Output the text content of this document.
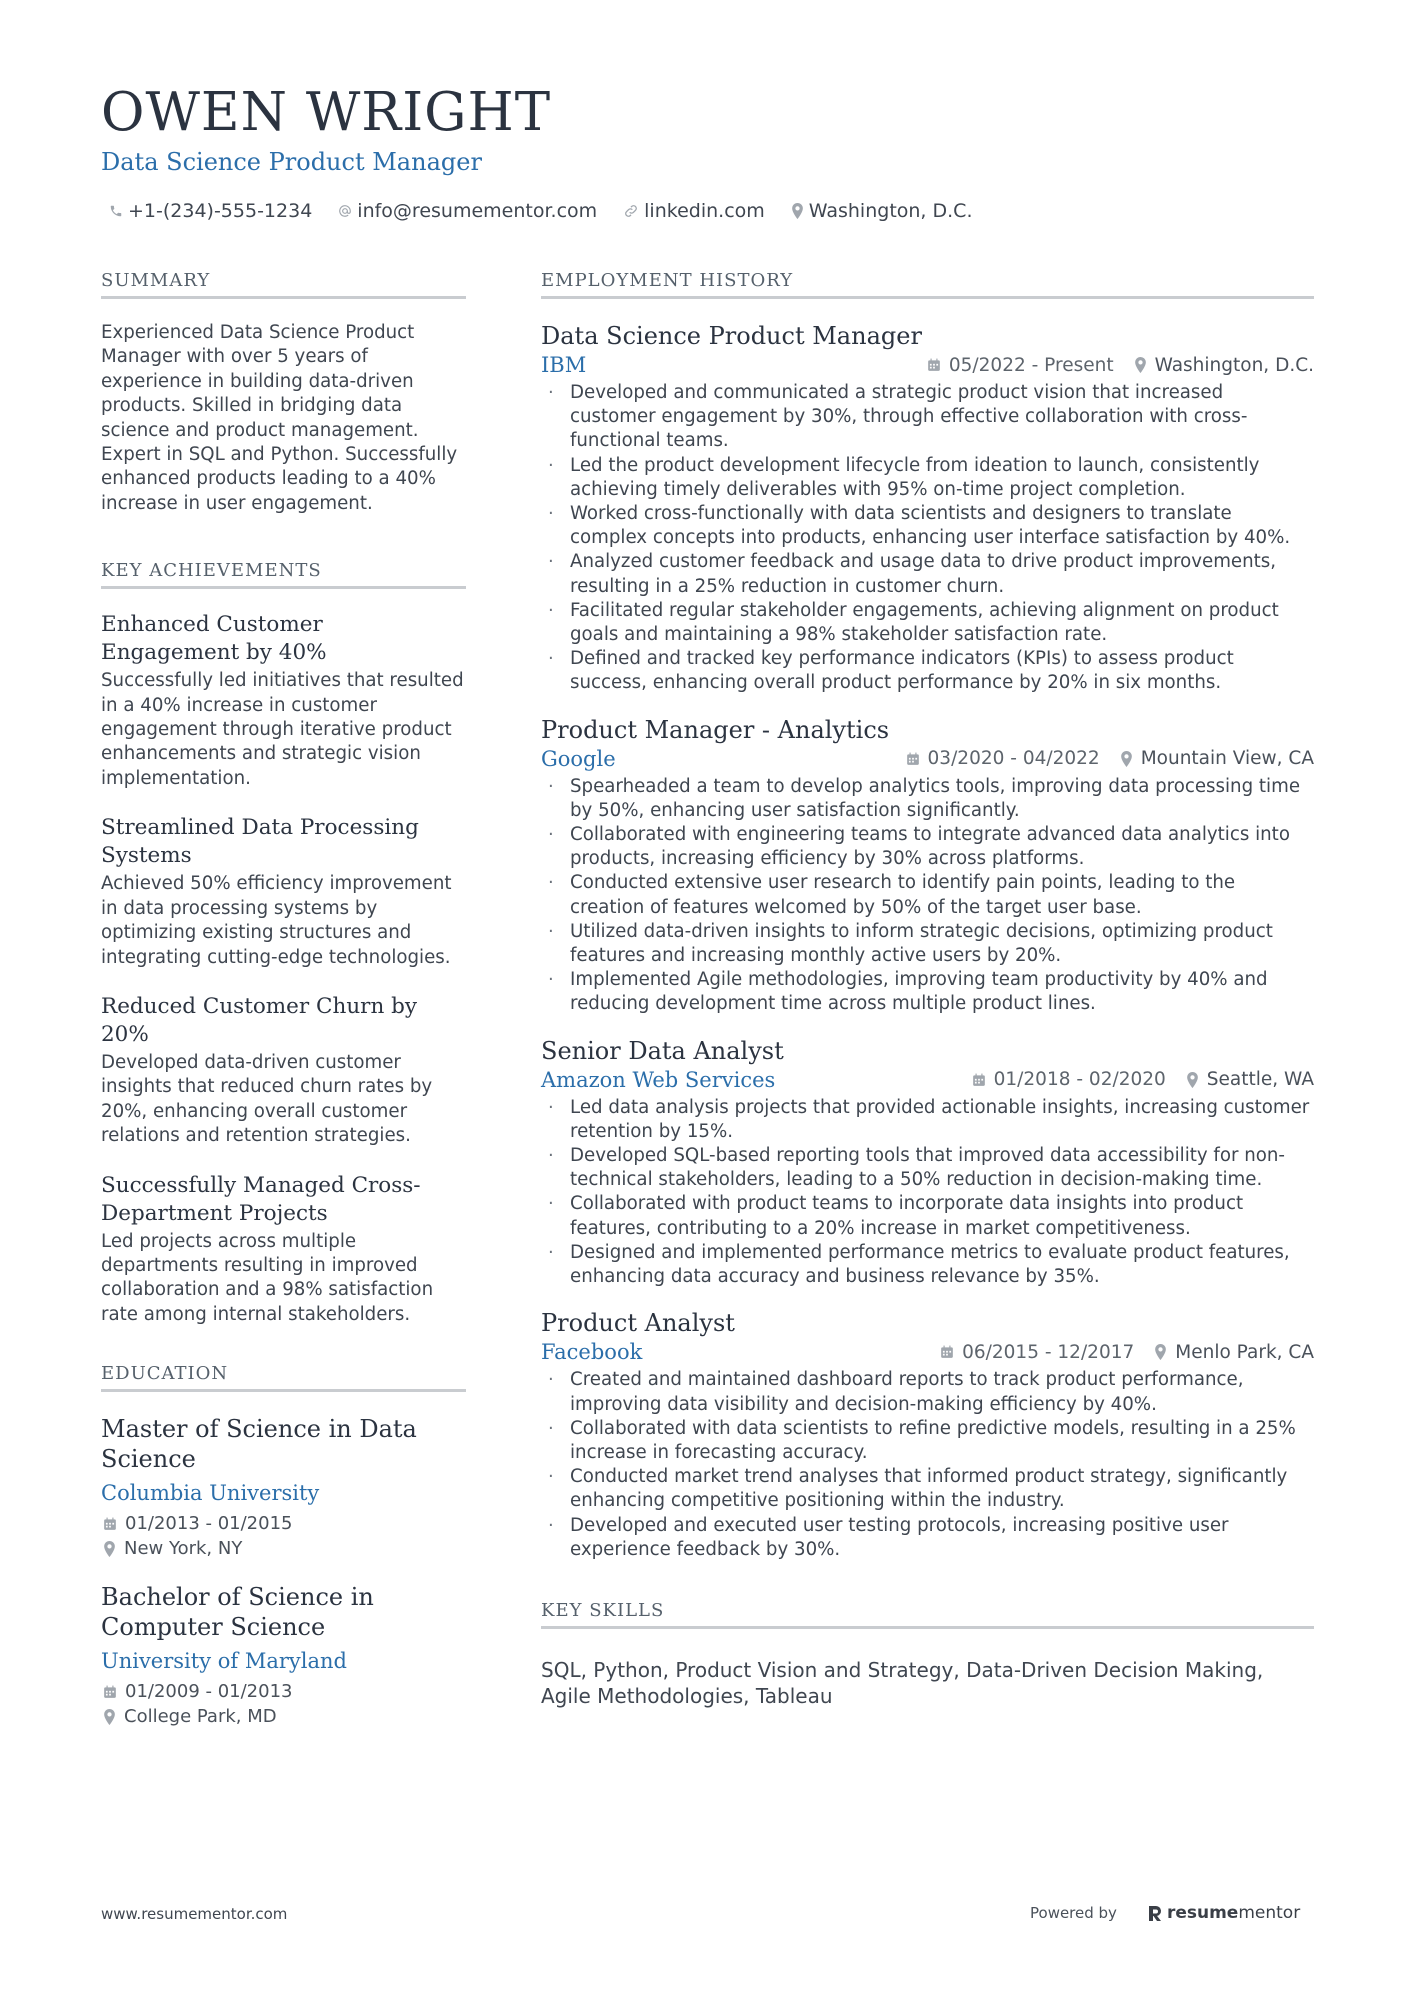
OWEN WRIGHT
Data Science Product Manager
+1-(234)-555-1234 info@resumementor.com linkedin.com Washington, D.C.
SUMMARY

Experienced Data Science Product Manager with over 5 years of experience in building data-driven products. Skilled in bridging data science and product management. Expert in SQL and Python. Successfully enhanced products leading to a 40% increase in user engagement.

KEY ACHIEVEMENTS
Enhanced Customer Engagement by 40%

Successfully led initiatives that resulted in a 40% increase in customer engagement through iterative product enhancements and strategic vision implementation.

Streamlined Data Processing Systems

Achieved 50% efficiency improvement in data processing systems by optimizing existing structures and integrating cutting-edge technologies.

Reduced Customer Churn by 20%

Developed data-driven customer insights that reduced churn rates by 20%, enhancing overall customer relations and retention strategies.

Successfully Managed Cross-Department Projects

Led projects across multiple departments resulting in improved collaboration and a 98% satisfaction rate among internal stakeholders.

EDUCATION
Master of Science in Data Science
Columbia University
01/2013 - 01/2015
New York, NY
Bachelor of Science in Computer Science
University of Maryland
01/2009 - 01/2013
College Park, MD
EMPLOYMENT HISTORY
Data Science Product Manager
IBM	05/2022 - Present Washington, D.C.
· Developed and communicated a strategic product vision that increased customer engagement by 30%, through effective collaboration with cross-functional teams.
· Led the product development lifecycle from ideation to launch, consistently achieving timely deliverables with 95% on-time project completion.
· Worked cross-functionally with data scientists and designers to translate complex concepts into products, enhancing user interface satisfaction by 40%.
· Analyzed customer feedback and usage data to drive product improvements, resulting in a 25% reduction in customer churn.
· Facilitated regular stakeholder engagements, achieving alignment on product goals and maintaining a 98% stakeholder satisfaction rate.
· Defined and tracked key performance indicators (KPIs) to assess product success, enhancing overall product performance by 20% in six months.
Product Manager - Analytics
Google	03/2020 - 04/2022 Mountain View, CA
· Spearheaded a team to develop analytics tools, improving data processing time by 50%, enhancing user satisfaction significantly.
· Collaborated with engineering teams to integrate advanced data analytics into products, increasing efficiency by 30% across platforms.
· Conducted extensive user research to identify pain points, leading to the creation of features welcomed by 50% of the target user base.
· Utilized data-driven insights to inform strategic decisions, optimizing product features and increasing monthly active users by 20%.
· Implemented Agile methodologies, improving team productivity by 40% and reducing development time across multiple product lines.
Senior Data Analyst
Amazon Web Services	01/2018 - 02/2020 Seattle, WA
· Led data analysis projects that provided actionable insights, increasing customer retention by 15%.
· Developed SQL-based reporting tools that improved data accessibility for non-technical stakeholders, leading to a 50% reduction in decision-making time.
· Collaborated with product teams to incorporate data insights into product features, contributing to a 20% increase in market competitiveness.
· Designed and implemented performance metrics to evaluate product features, enhancing data accuracy and business relevance by 35%.
Product Analyst
Facebook	06/2015 - 12/2017 Menlo Park, CA
· Created and maintained dashboard reports to track product performance, improving data visibility and decision-making efficiency by 40%.
· Collaborated with data scientists to refine predictive models, resulting in a 25% increase in forecasting accuracy.
· Conducted market trend analyses that informed product strategy, significantly enhancing competitive positioning within the industry.
· Developed and executed user testing protocols, increasing positive user experience feedback by 30%.
KEY SKILLS

SQL, Python, Product Vision and Strategy, Data-Driven Decision Making, Agile Methodologies, Tableau

www.resumementor.com	Powered by	resume mentor
